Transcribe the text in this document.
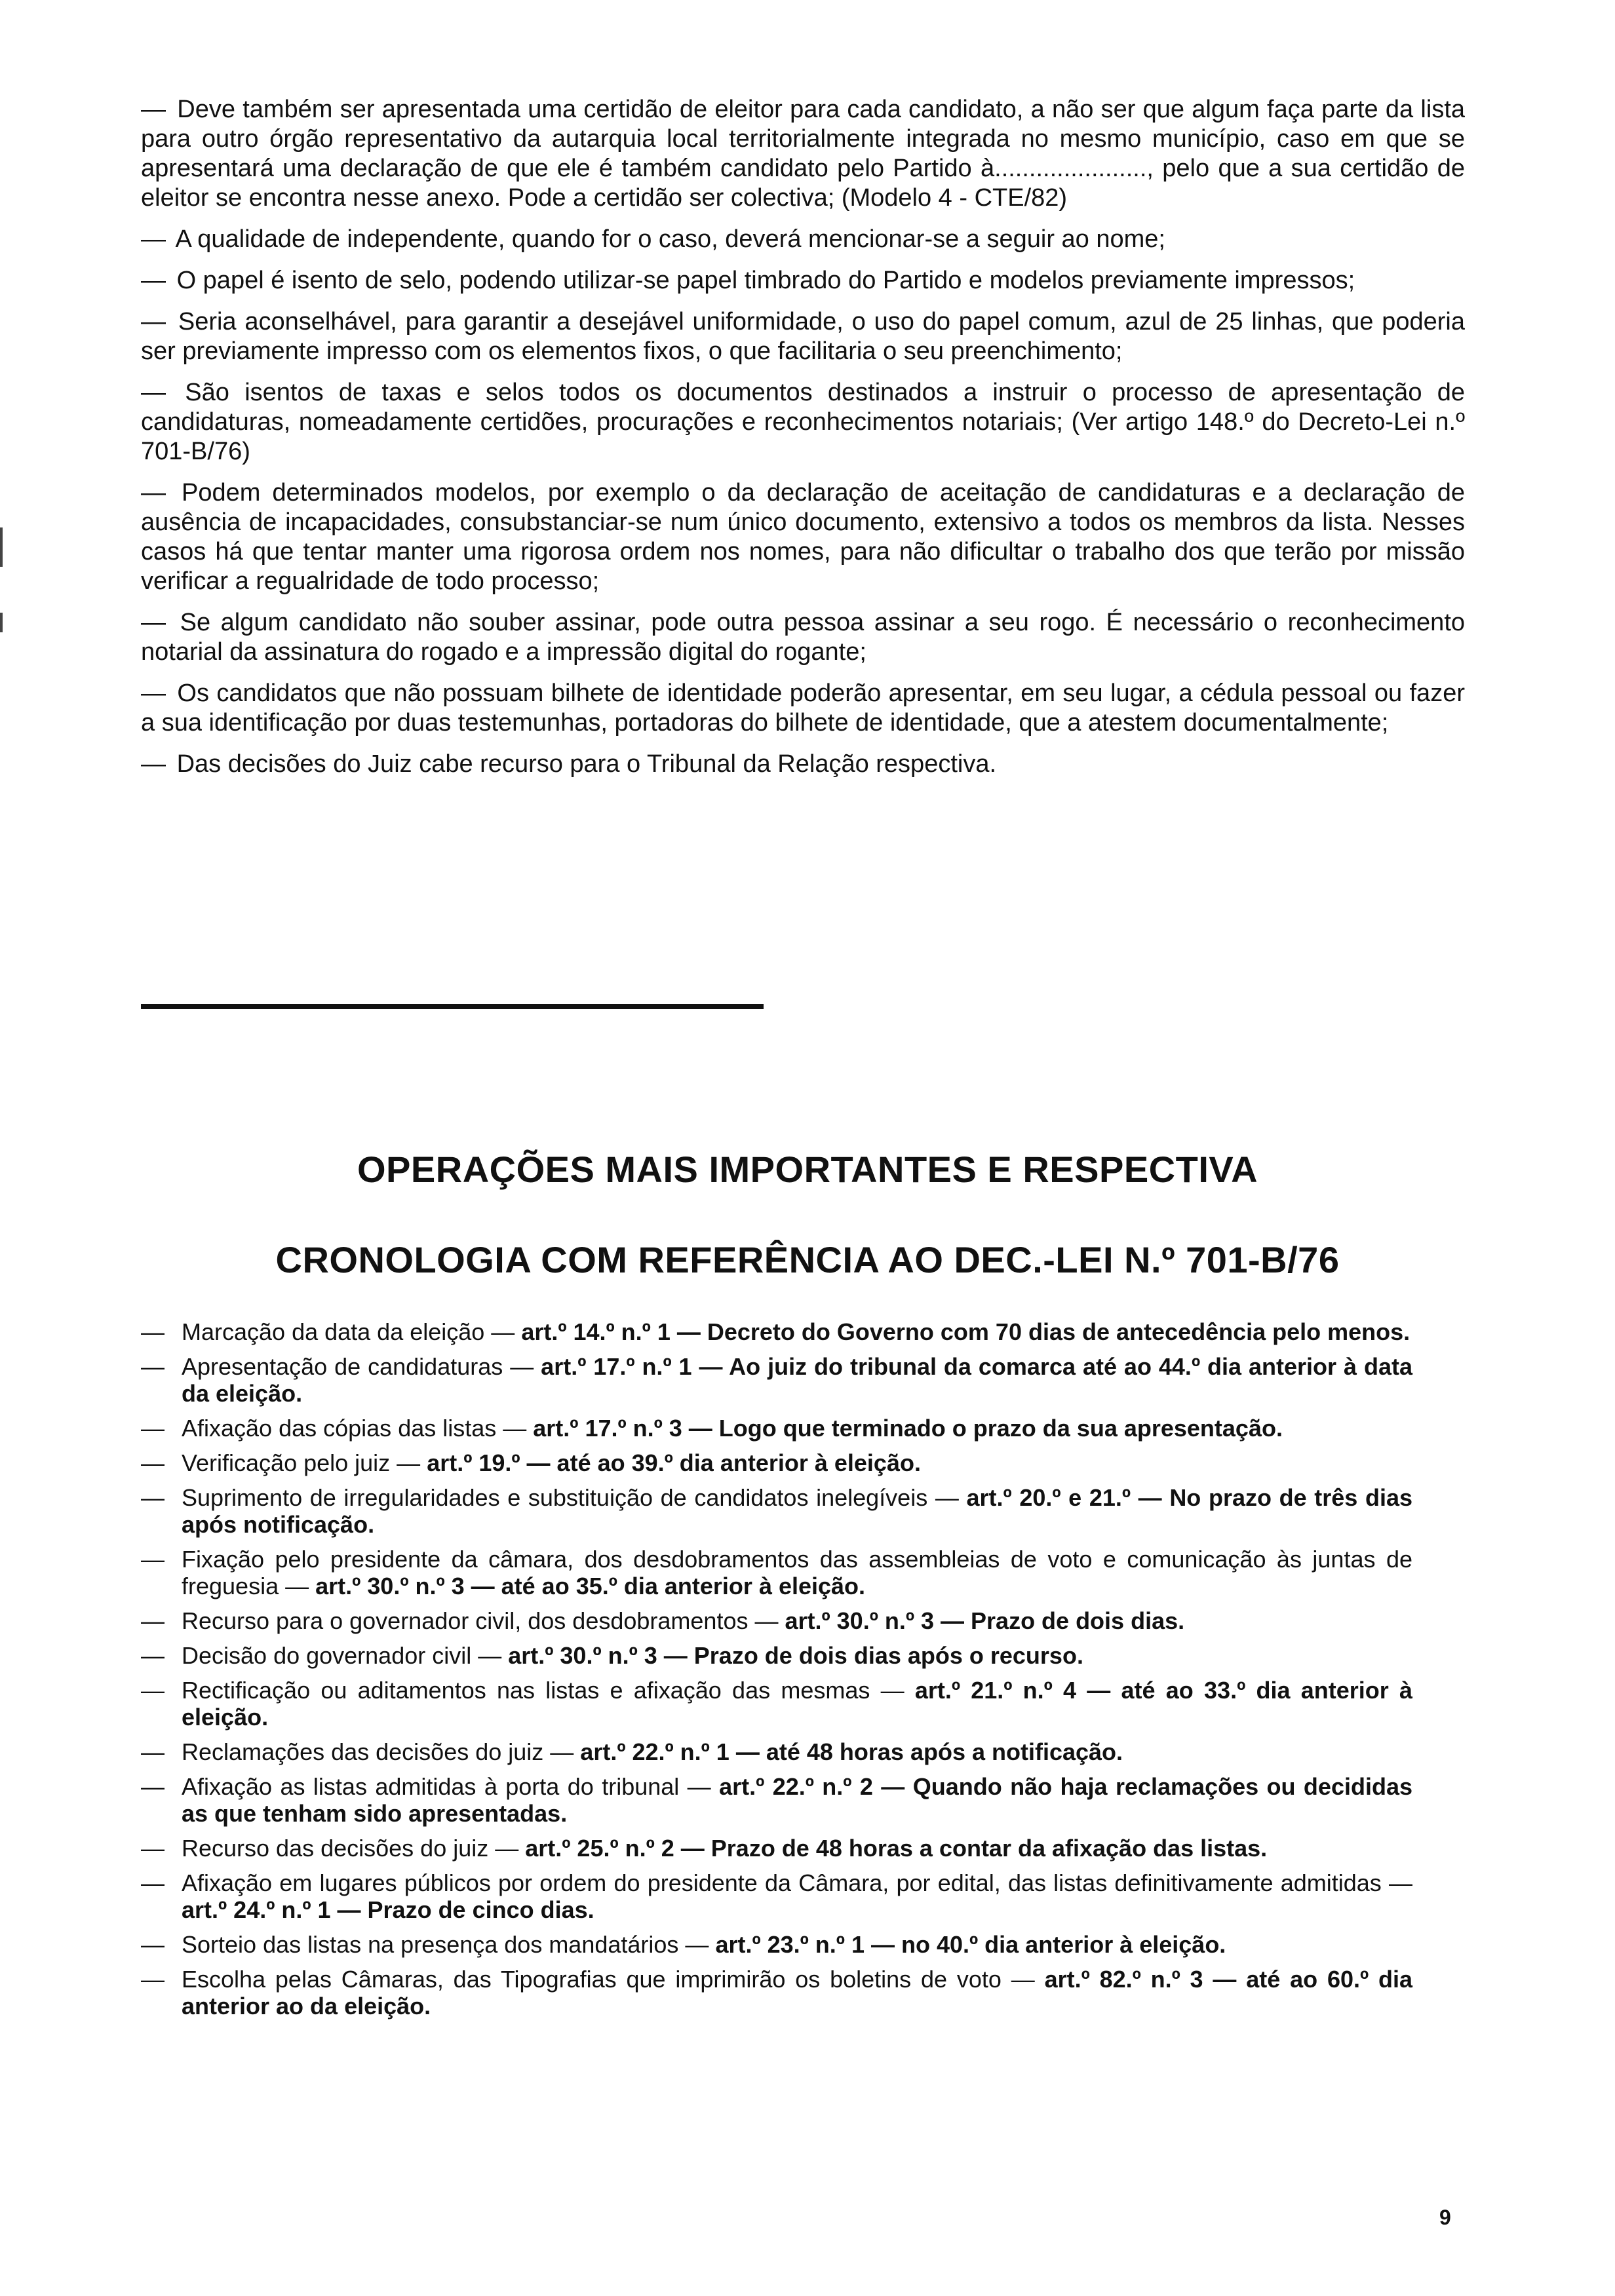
— Deve também ser apresentada uma certidão de eleitor para cada candidato, a não ser que algum faça parte da lista para outro órgão representativo da autarquia local territorialmente integrada no mesmo município, caso em que se apresentará uma declaração de que ele é também candidato pelo Partido à......................, pelo que a sua certidão de eleitor se encontra nesse anexo. Pode a certidão ser colectiva; (Modelo 4 - CTE/82)

— A qualidade de independente, quando for o caso, deverá mencionar-se a seguir ao nome;

— O papel é isento de selo, podendo utilizar-se papel timbrado do Partido e modelos previamente impressos;

— Seria aconselhável, para garantir a desejável uniformidade, o uso do papel comum, azul de 25 linhas, que poderia ser previamente impresso com os elementos fixos, o que facilitaria o seu preenchimento;

— São isentos de taxas e selos todos os documentos destinados a instruir o processo de apresentação de candidaturas, nomeadamente certidões, procurações e reconhecimentos notariais; (Ver artigo 148.º do Decreto-Lei n.º 701-B/76)

— Podem determinados modelos, por exemplo o da declaração de aceitação de candidaturas e a declaração de ausência de incapacidades, consubstanciar-se num único documento, extensivo a todos os membros da lista. Nesses casos há que tentar manter uma rigorosa ordem nos nomes, para não dificultar o trabalho dos que terão por missão verificar a regualridade de todo processo;

— Se algum candidato não souber assinar, pode outra pessoa assinar a seu rogo. É necessário o reconhecimento notarial da assinatura do rogado e a impressão digital do rogante;

— Os candidatos que não possuam bilhete de identidade poderão apresentar, em seu lugar, a cédula pessoal ou fazer a sua identificação por duas testemunhas, portadoras do bilhete de identidade, que a atestem documentalmente;

— Das decisões do Juiz cabe recurso para o Tribunal da Relação respectiva.

OPERAÇÕES MAIS IMPORTANTES E RESPECTIVA
CRONOLOGIA COM REFERÊNCIA AO DEC.-LEI N.º 701-B/76
— Marcação da data da eleição — art.º 14.º n.º 1 — Decreto do Governo com 70 dias de antecedência pelo menos.
— Apresentação de candidaturas — art.º 17.º n.º 1 — Ao juiz do tribunal da comarca até ao 44.º dia anterior à data da eleição.
— Afixação das cópias das listas — art.º 17.º n.º 3 — Logo que terminado o prazo da sua apresentação.
— Verificação pelo juiz — art.º 19.º — até ao 39.º dia anterior à eleição.
— Suprimento de irregularidades e substituição de candidatos inelegíveis — art.º 20.º e 21.º — No prazo de três dias após notificação.
— Fixação pelo presidente da câmara, dos desdobramentos das assembleias de voto e comunicação às juntas de freguesia — art.º 30.º n.º 3 — até ao 35.º dia anterior à eleição.
— Recurso para o governador civil, dos desdobramentos — art.º 30.º n.º 3 — Prazo de dois dias.
— Decisão do governador civil — art.º 30.º n.º 3 — Prazo de dois dias após o recurso.
— Rectificação ou aditamentos nas listas e afixação das mesmas — art.º 21.º n.º 4 — até ao 33.º dia anterior à eleição.
— Reclamações das decisões do juiz — art.º 22.º n.º 1 — até 48 horas após a notificação.
— Afixação as listas admitidas à porta do tribunal — art.º 22.º n.º 2 — Quando não haja reclamações ou decididas as que tenham sido apresentadas.
— Recurso das decisões do juiz — art.º 25.º n.º 2 — Prazo de 48 horas a contar da afixação das listas.
— Afixação em lugares públicos por ordem do presidente da Câmara, por edital, das listas definitivamente admitidas — art.º 24.º n.º 1 — Prazo de cinco dias.
— Sorteio das listas na presença dos mandatários — art.º 23.º n.º 1 — no 40.º dia anterior à eleição.
— Escolha pelas Câmaras, das Tipografias que imprimirão os boletins de voto — art.º 82.º n.º 3 — até ao 60.º dia anterior ao da eleição.
9
